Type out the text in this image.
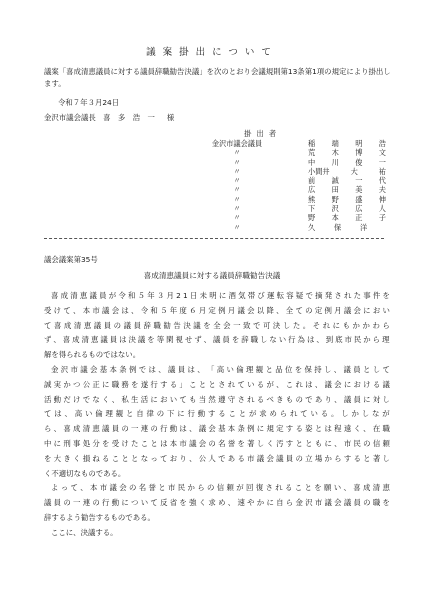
議案掛出について
議案「喜成清恵議員に対する議員辞職勧告決議」を次のとおり会議規則第13条第1項の規定により掛出します。
令和７年３月24日
金沢市議会議長　喜　多　浩　一 様
掛出者
金沢市議会議員	稲 端 明 浩
〃	荒 木 博 文
〃	中 川 俊 一
〃	小間井	大	祐
〃	前 誠 一 代
〃	広 田 美 夫
〃	熊 野 盛 伸
〃	下 沢 広 人
〃	野 本 正 子
〃	久	保	洋
議会議案第35号
喜成清恵議員に対する議員辞職勧告決議
喜 成 清 恵 議 員 が 令 和 ５ 年 ３ 月 2 1 日 未 明 に 酒 気 帯 び 運 転 容 疑 で 摘 発 さ れ た 事 件 を
受 け て 、 本 市 議 会 は 、 令 和 ５ 年 度 ６ 月 定 例 月 議 会 以 降 、 全 て の 定 例 月 議 会 に お い
て 喜 成 清 恵 議 員 の 議 員 辞 職 勧 告 決 議 を 全 会 一 致 で 可 決 し た 。 そ れ に も か か わ ら
ず 、 喜 成 清 恵 議 員 は 決 議 を 等 閑 視 せ ず 、 議 員 を 辞 職 し な い 行 為 は 、 到 底 市 民 か ら 理
解を得られるものではない。
金 沢 市 議 会 基 本 条 例 で は 、 議 員 は 、 「 高 い 倫 理 観 と 品 位 を 保 持 し 、 議 員 と し て
誠 実 か つ 公 正 に 職 務 を 遂 行 す る 」 こ と と さ れ て い る が 、 こ れ は 、 議 会 に お け る 議
活 動 だ け で な く 、 私 生 活 に お い て も 当 然 遵 守 さ れ る べ き も の で あ り 、 議 員 に 対 し
て は 、 高 い 倫 理 観 と 自 律 の 下 に 行 動 す る こ と が 求 め ら れ て い る 。 し か し な が
ら 、 喜 成 清 恵 議 員 の 一 連 の 行 動 は 、 議 会 基 本 条 例 に 規 定 す る 姿 と は 程 遠 く 、 在 職
中 に 刑 事 処 分 を 受 け た こ と は 本 市 議 会 の 名 誉 を 著 し く 汚 す と と も に 、 市 民 の 信 頼
を 大 き く 損 ね る こ と と な っ て お り 、 公 人 で あ る 市 議 会 議 員 の 立 場 か ら す る と 著 し
く不適切なものである。
よ っ て 、 本 市 議 会 の 名 誉 と 市 民 か ら の 信 頼 が 回 復 さ れ る こ と を 願 い 、 喜 成 清 恵
議 員 の 一 連 の 行 動 に つ い て 反 省 を 強 く 求 め 、 速 や か に 自 ら 金 沢 市 議 会 議 員 の 職 を
辞するよう勧告するものである。
ここに、決議する。
